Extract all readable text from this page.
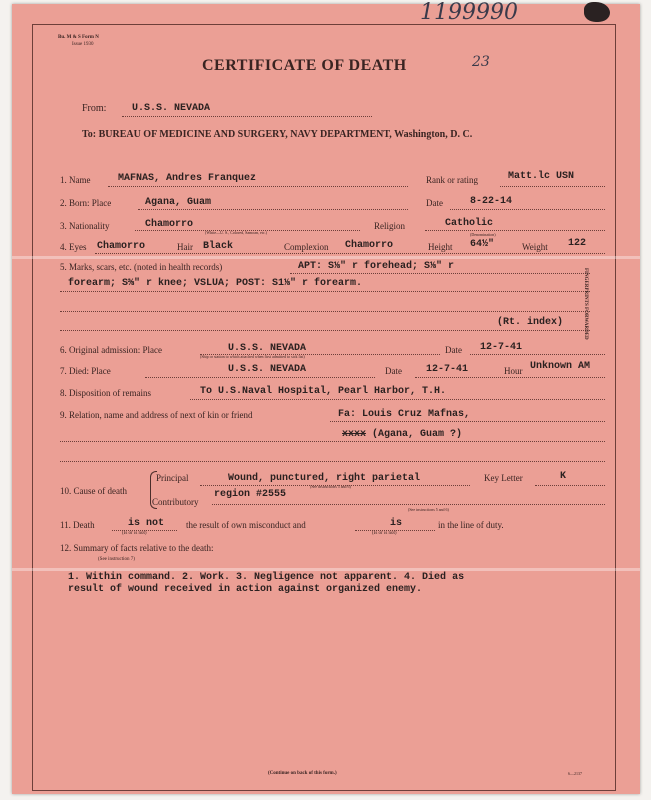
1199990
Bu. M & S Form N
Issue 1930
CERTIFICATE OF DEATH	23
From:	U.S.S. NEVADA
To: BUREAU OF MEDICINE AND SURGERY, NAVY DEPARTMENT, Washington, D. C.
1. Name	MAFNAS, Andres Franquez	Rank or rating	Matt.lc USN
2. Born: Place	Agana, Guam	Date	8-22-14
3. Nationality	Chamorro
(White—U. S., Colored, Samoan, etc.)
Religion	Catholic
(Denomination)
4. Eyes Chamorro	Hair Black	Complexion Chamorro	Height 64½"	Weight 122
5. Marks, scars, etc. (noted in health records)	APT: S⅛" r forehead; S⅛" r
forearm; S⅜" r knee; VSLUA; POST: S1⅛" r forearm.
(Rt. index)	FINGERPRINTS FORWARDED
6. Original admission: Place	U.S.S. NEVADA
(Ship or station to which attached when first admitted to sick list)
Date 12-7-41
7. Died: Place	U.S.S. NEVADA	Date 12-7-41	Hour Unknown AM
8. Disposition of remains	To U.S.Naval Hospital, Pearl Harbor, T.H.
9. Relation, name and address of next of kin or friend	Fa: Louis Cruz Mafnas,
xxxx (Agana, Guam ?)
10. Cause of death
Principal	Wound, punctured, right parietal
(See instructions 5 and 6)
Key Letter	K
Contributory
region #2555
(See instructions 5 and 6)
11. Death	is not
(Is or is not)
the result of own misconduct and	is
(Is or is not)
in the line of duty.
12. Summary of facts relative to the death:
(See instruction 7)
1. Within command. 2. Work. 3. Negligence not apparent. 4. Died as
result of wound received in action against organized enemy.
(Continue on back of this form.)	6—2137
